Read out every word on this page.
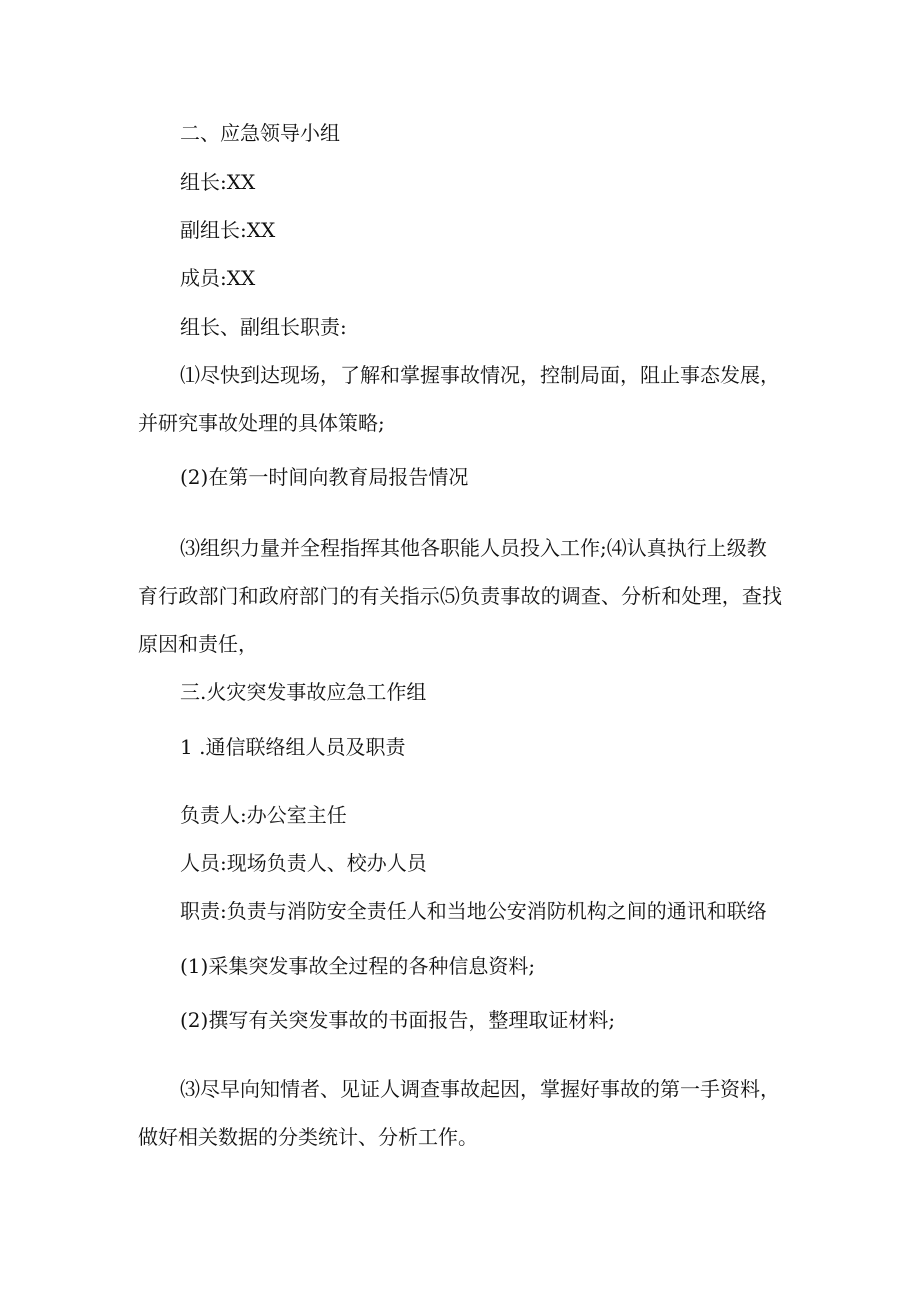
二、应急领导小组

组长:XX

副组长:XX

成员:XX

组长、副组长职责:

⑴尽快到达现场，了解和掌握事故情况，控制局面，阻止事态发展，

并研究事故处理的具体策略;

(2)在第一时间向教育局报告情况

⑶组织力量并全程指挥其他各职能人员投入工作;⑷认真执行上级教

育行政部门和政府部门的有关指示⑸负责事故的调查、分析和处理，查找

原因和责任，

三.火灾突发事故应急工作组

1 .通信联络组人员及职责

负责人:办公室主任

人员:现场负责人、校办人员

职责:负责与消防安全责任人和当地公安消防机构之间的通讯和联络

(1)采集突发事故全过程的各种信息资料;

(2)撰写有关突发事故的书面报告，整理取证材料;

⑶尽早向知情者、见证人调查事故起因，掌握好事故的第一手资料，

做好相关数据的分类统计、分析工作。
